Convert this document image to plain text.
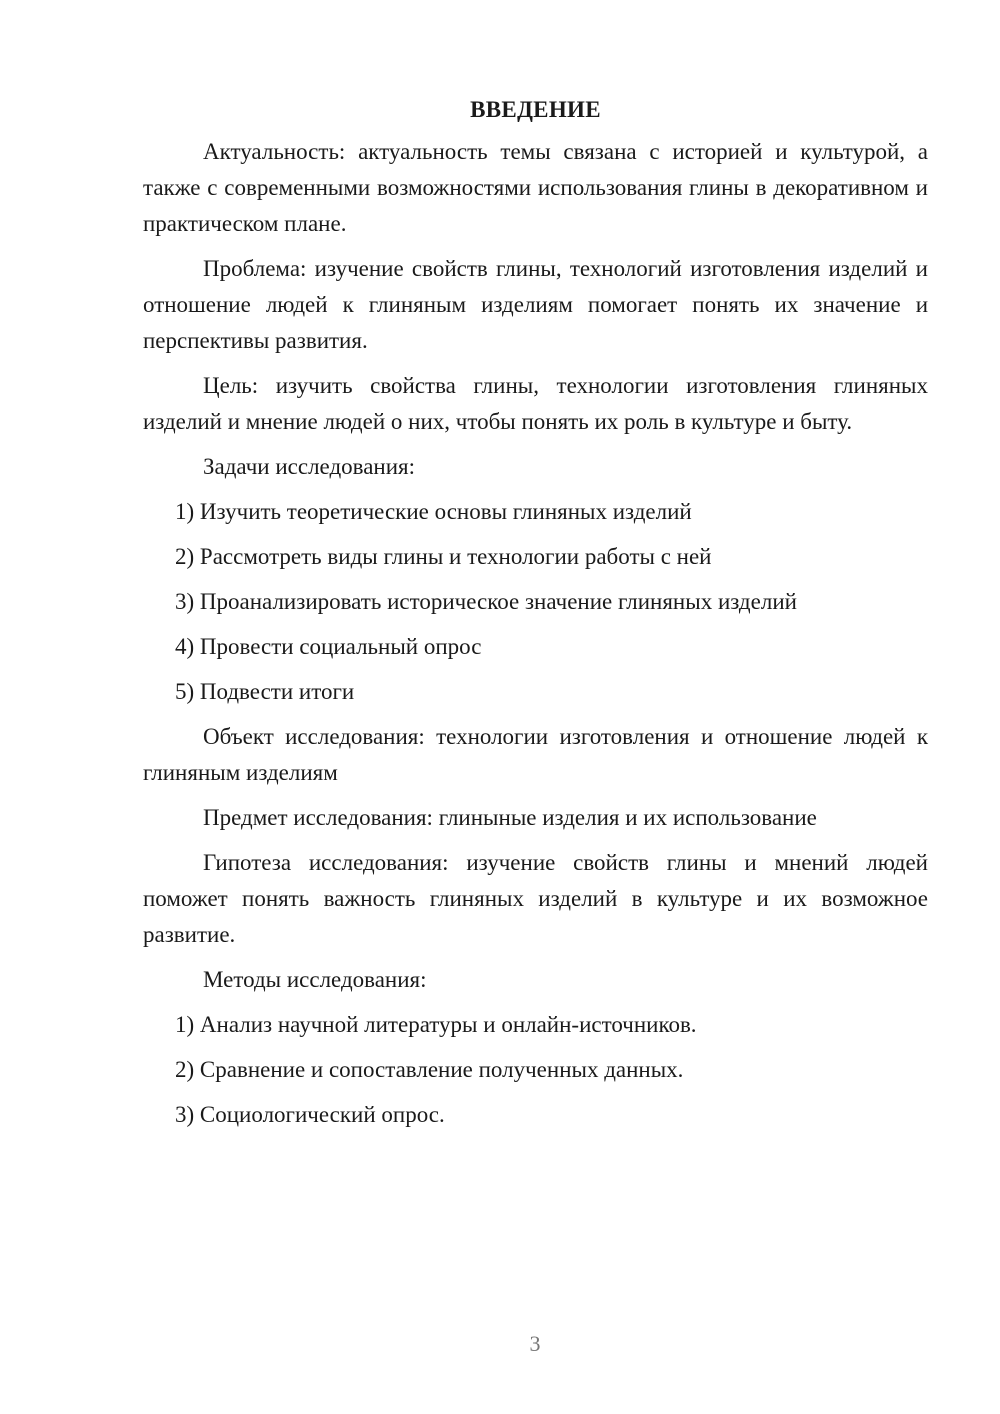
ВВЕДЕНИЕ

Актуальность: актуальность темы связана с историей и культурой, а также с современными возможностями использования глины в декоративном и практическом плане.

Проблема: изучение свойств глины, технологий изготовления изделий и отношение людей к глиняным изделиям помогает понять их значение и перспективы развития.

Цель: изучить свойства глины, технологии изготовления глиняных изделий и мнение людей о них, чтобы понять их роль в культуре и быту.

Задачи исследования:

1) Изучить теоретические основы глиняных изделий

2) Рассмотреть виды глины и технологии работы с ней

3) Проанализировать историческое значение глиняных изделий

4) Провести социальный опрос

5) Подвести итоги

Объект исследования: технологии изготовления и отношение людей к глиняным изделиям

Предмет исследования: глиныные изделия и их использование

Гипотеза исследования: изучение свойств глины и мнений людей поможет понять важность глиняных изделий в культуре и их возможное развитие.

Методы исследования:

1) Анализ научной литературы и онлайн-источников.

2) Сравнение и сопоставление полученных данных.

3) Социологический опрос.

3
